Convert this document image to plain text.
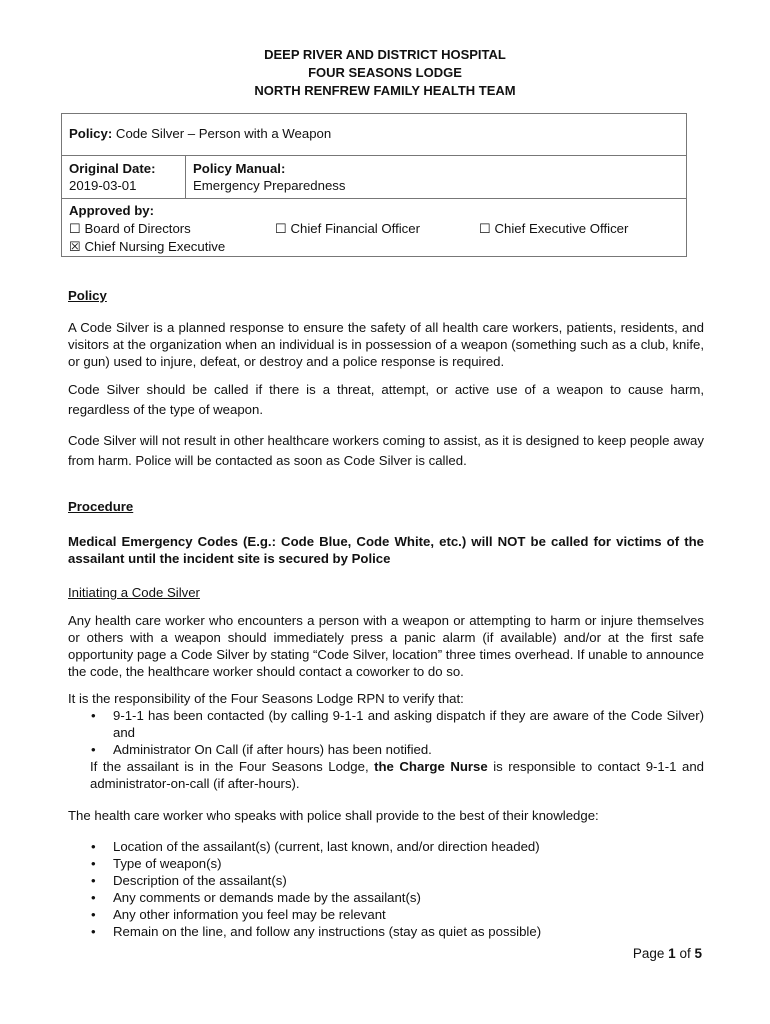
DEEP RIVER AND DISTRICT HOSPITAL
FOUR SEASONS LODGE
NORTH RENFREW FAMILY HEALTH TEAM
Policy: Code Silver – Person with a Weapon

Original Date:
2019-03-01

Policy Manual:
Emergency Preparedness

Approved by:
☐ Board of Directors	☐ Chief Financial Officer	☐ Chief Executive Officer
☒ Chief Nursing Executive
Policy
A Code Silver is a planned response to ensure the safety of all health care workers, patients, residents, and visitors at the organization when an individual is in possession of a weapon (something such as a club, knife, or gun) used to injure, defeat, or destroy and a police response is required.
Code Silver should be called if there is a threat, attempt, or active use of a weapon to cause harm, regardless of the type of weapon.
Code Silver will not result in other healthcare workers coming to assist, as it is designed to keep people away from harm. Police will be contacted as soon as Code Silver is called.
Procedure
Medical Emergency Codes (E.g.: Code Blue, Code White, etc.) will NOT be called for victims of the assailant until the incident site is secured by Police
Initiating a Code Silver
Any health care worker who encounters a person with a weapon or attempting to harm or injure themselves or others with a weapon should immediately press a panic alarm (if available) and/or at the first safe opportunity page a Code Silver by stating “Code Silver, location” three times overhead. If unable to announce the code, the healthcare worker should contact a coworker to do so.
It is the responsibility of the Four Seasons Lodge RPN to verify that:
• 9-1-1 has been contacted (by calling 9-1-1 and asking dispatch if they are aware of the Code Silver) and
• Administrator On Call (if after hours) has been notified.
If the assailant is in the Four Seasons Lodge, the Charge Nurse is responsible to contact 9-1-1 and administrator-on-call (if after-hours).
The health care worker who speaks with police shall provide to the best of their knowledge:
• Location of the assailant(s) (current, last known, and/or direction headed)
• Type of weapon(s)
• Description of the assailant(s)
• Any comments or demands made by the assailant(s)
• Any other information you feel may be relevant
• Remain on the line, and follow any instructions (stay as quiet as possible)
Page 1 of 5
